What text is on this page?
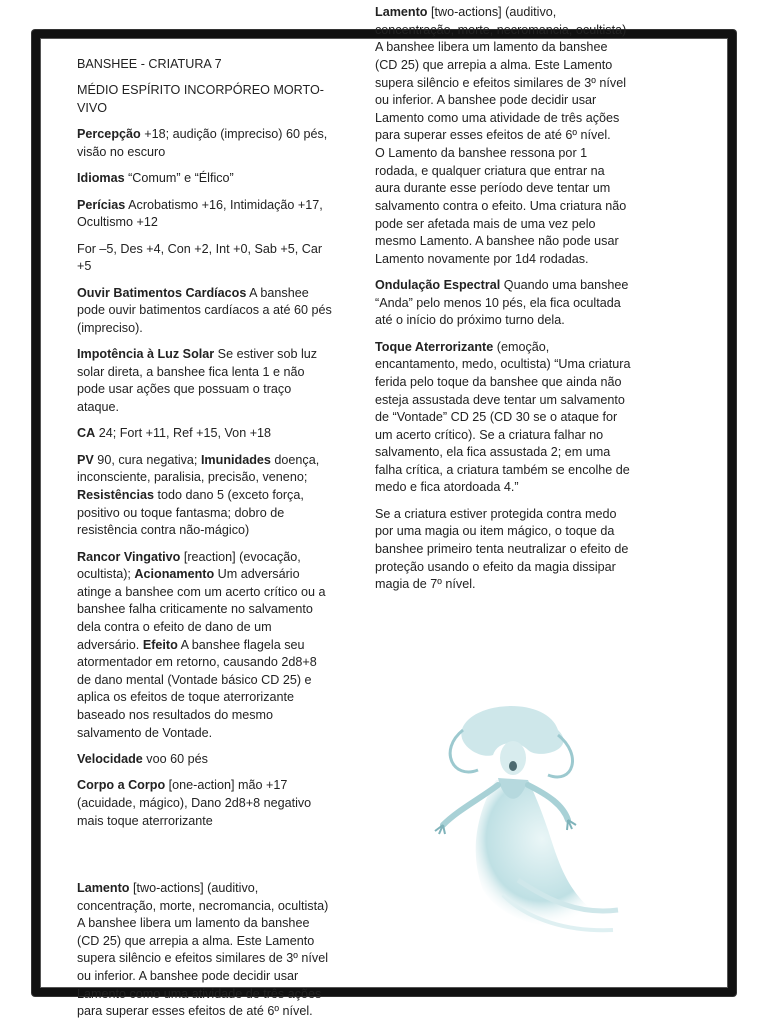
BANSHEE - CRIATURA 7

MÉDIO ESPÍRITO INCORPÓREO MORTO-VIVO

Percepção +18; audição (impreciso) 60 pés, visão no escuro

Idiomas “Comum” e “Élfico”

Perícias Acrobatismo +16, Intimidação +17, Ocultismo +12

For –5, Des +4, Con +2, Int +0, Sab +5, Car +5

Ouvir Batimentos Cardíacos A banshee pode ouvir batimentos cardíacos a até 60 pés (impreciso).

Impotência à Luz Solar Se estiver sob luz solar direta, a banshee fica lenta 1 e não pode usar ações que possuam o traço ataque.

CA 24; Fort +11, Ref +15, Von +18

PV 90, cura negativa; Imunidades doença, inconsciente, paralisia, precisão, veneno; Resistências todo dano 5 (exceto força, positivo ou toque fantasma; dobro de resistência contra não-mágico)

Rancor Vingativo [reaction] (evocação, ocultista); Acionamento Um adversário atinge a banshee com um acerto crítico ou a banshee falha criticamente no salvamento dela contra o efeito de dano de um adversário. Efeito A banshee flagela seu atormentador em retorno, causando 2d8+8 de dano mental (Vontade básico CD 25) e aplica os efeitos de toque aterrorizante baseado nos resultados do mesmo salvamento de Vontade.

Velocidade voo 60 pés

Corpo a Corpo [one-action] mão +17 (acuidade, mágico), Dano 2d8+8 negativo mais toque aterrorizante

Lamento [two-actions] (auditivo, concentração, morte, necromancia, ocultista) A banshee libera um lamento da banshee (CD 25) que arrepia a alma. Este Lamento supera silêncio e efeitos similares de 3º nível ou inferior. A banshee pode decidir usar Lamento como uma atividade de três ações para superar esses efeitos de até 6º nível.

Lamento [two-actions] (auditivo, concentração, morte, necromancia, ocultista) A banshee libera um lamento da banshee (CD 25) que arrepia a alma. Este Lamento supera silêncio e efeitos similares de 3º nível ou inferior. A banshee pode decidir usar Lamento como uma atividade de três ações para superar esses efeitos de até 6º nível.

O Lamento da banshee ressona por 1 rodada, e qualquer criatura que entrar na aura durante esse período deve tentar um salvamento contra o efeito. Uma criatura não pode ser afetada mais de uma vez pelo mesmo Lamento. A banshee não pode usar Lamento novamente por 1d4 rodadas.

Ondulação Espectral Quando uma banshee “Anda” pelo menos 10 pés, ela fica ocultada até o início do próximo turno dela.

Toque Aterrorizante (emoção, encantamento, medo, ocultista) “Uma criatura ferida pelo toque da banshee que ainda não esteja assustada deve tentar um salvamento de “Vontade” CD 25 (CD 30 se o ataque for um acerto crítico). Se a criatura falhar no salvamento, ela fica assustada 2; em uma falha crítica, a criatura também se encolhe de medo e fica atordoada 4.”

Se a criatura estiver protegida contra medo por uma magia ou item mágico, o toque da banshee primeiro tenta neutralizar o efeito de proteção usando o efeito da magia dissipar magia de 7º nível.
